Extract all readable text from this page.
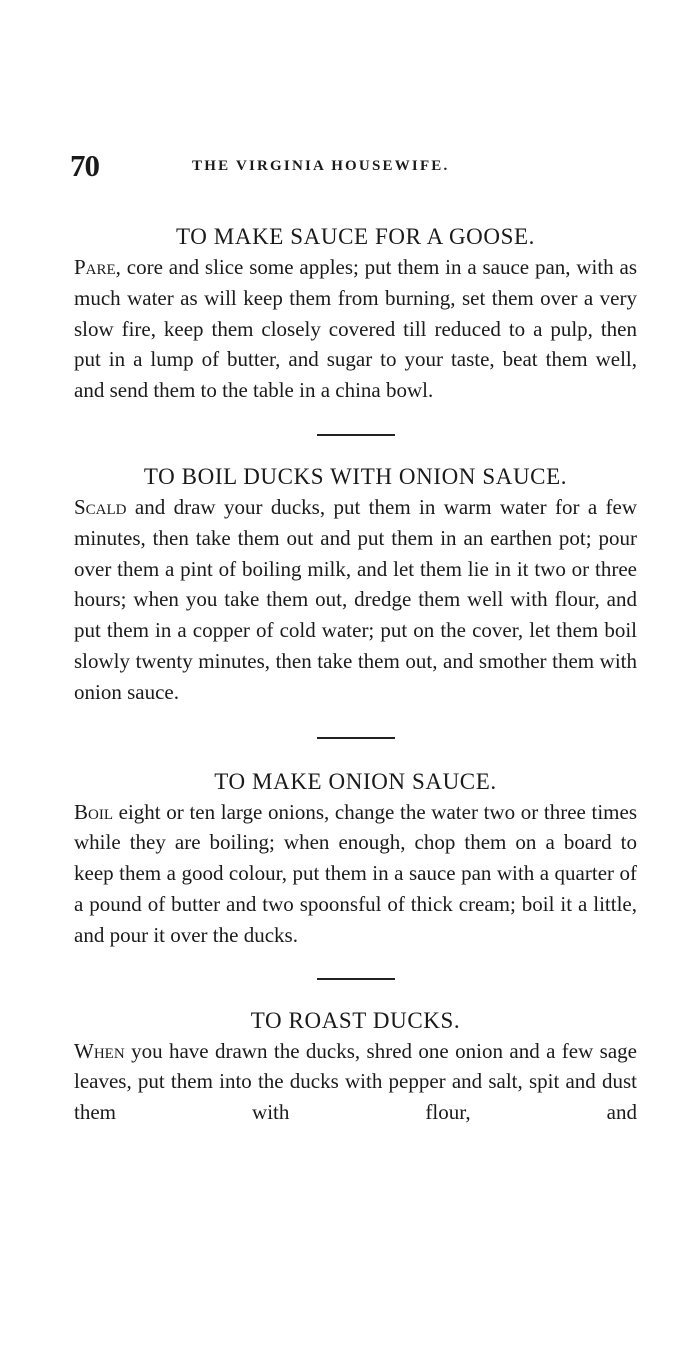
70	THE VIRGINIA HOUSEWIFE.
TO MAKE SAUCE FOR A GOOSE.

Pare, core and slice some apples; put them in a sauce pan, with as much water as will keep them from burning, set them over a very slow fire, keep them closely covered till reduced to a pulp, then put in a lump of butter, and sugar to your taste, beat them well, and send them to the table in a china bowl.

TO BOIL DUCKS WITH ONION SAUCE.

Scald and draw your ducks, put them in warm water for a few minutes, then take them out and put them in an earthen pot; pour over them a pint of boiling milk, and let them lie in it two or three hours; when you take them out, dredge them well with flour, and put them in a copper of cold water; put on the cover, let them boil slowly twenty minutes, then take them out, and smother them with onion sauce.

TO MAKE ONION SAUCE.

Boil eight or ten large onions, change the water two or three times while they are boiling; when enough, chop them on a board to keep them a good colour, put them in a sauce pan with a quarter of a pound of butter and two spoonsful of thick cream; boil it a little, and pour it over the ducks.

TO ROAST DUCKS.

When you have drawn the ducks, shred one onion and a few sage leaves, put them into the ducks with pepper and salt, spit and dust them with flour, and
